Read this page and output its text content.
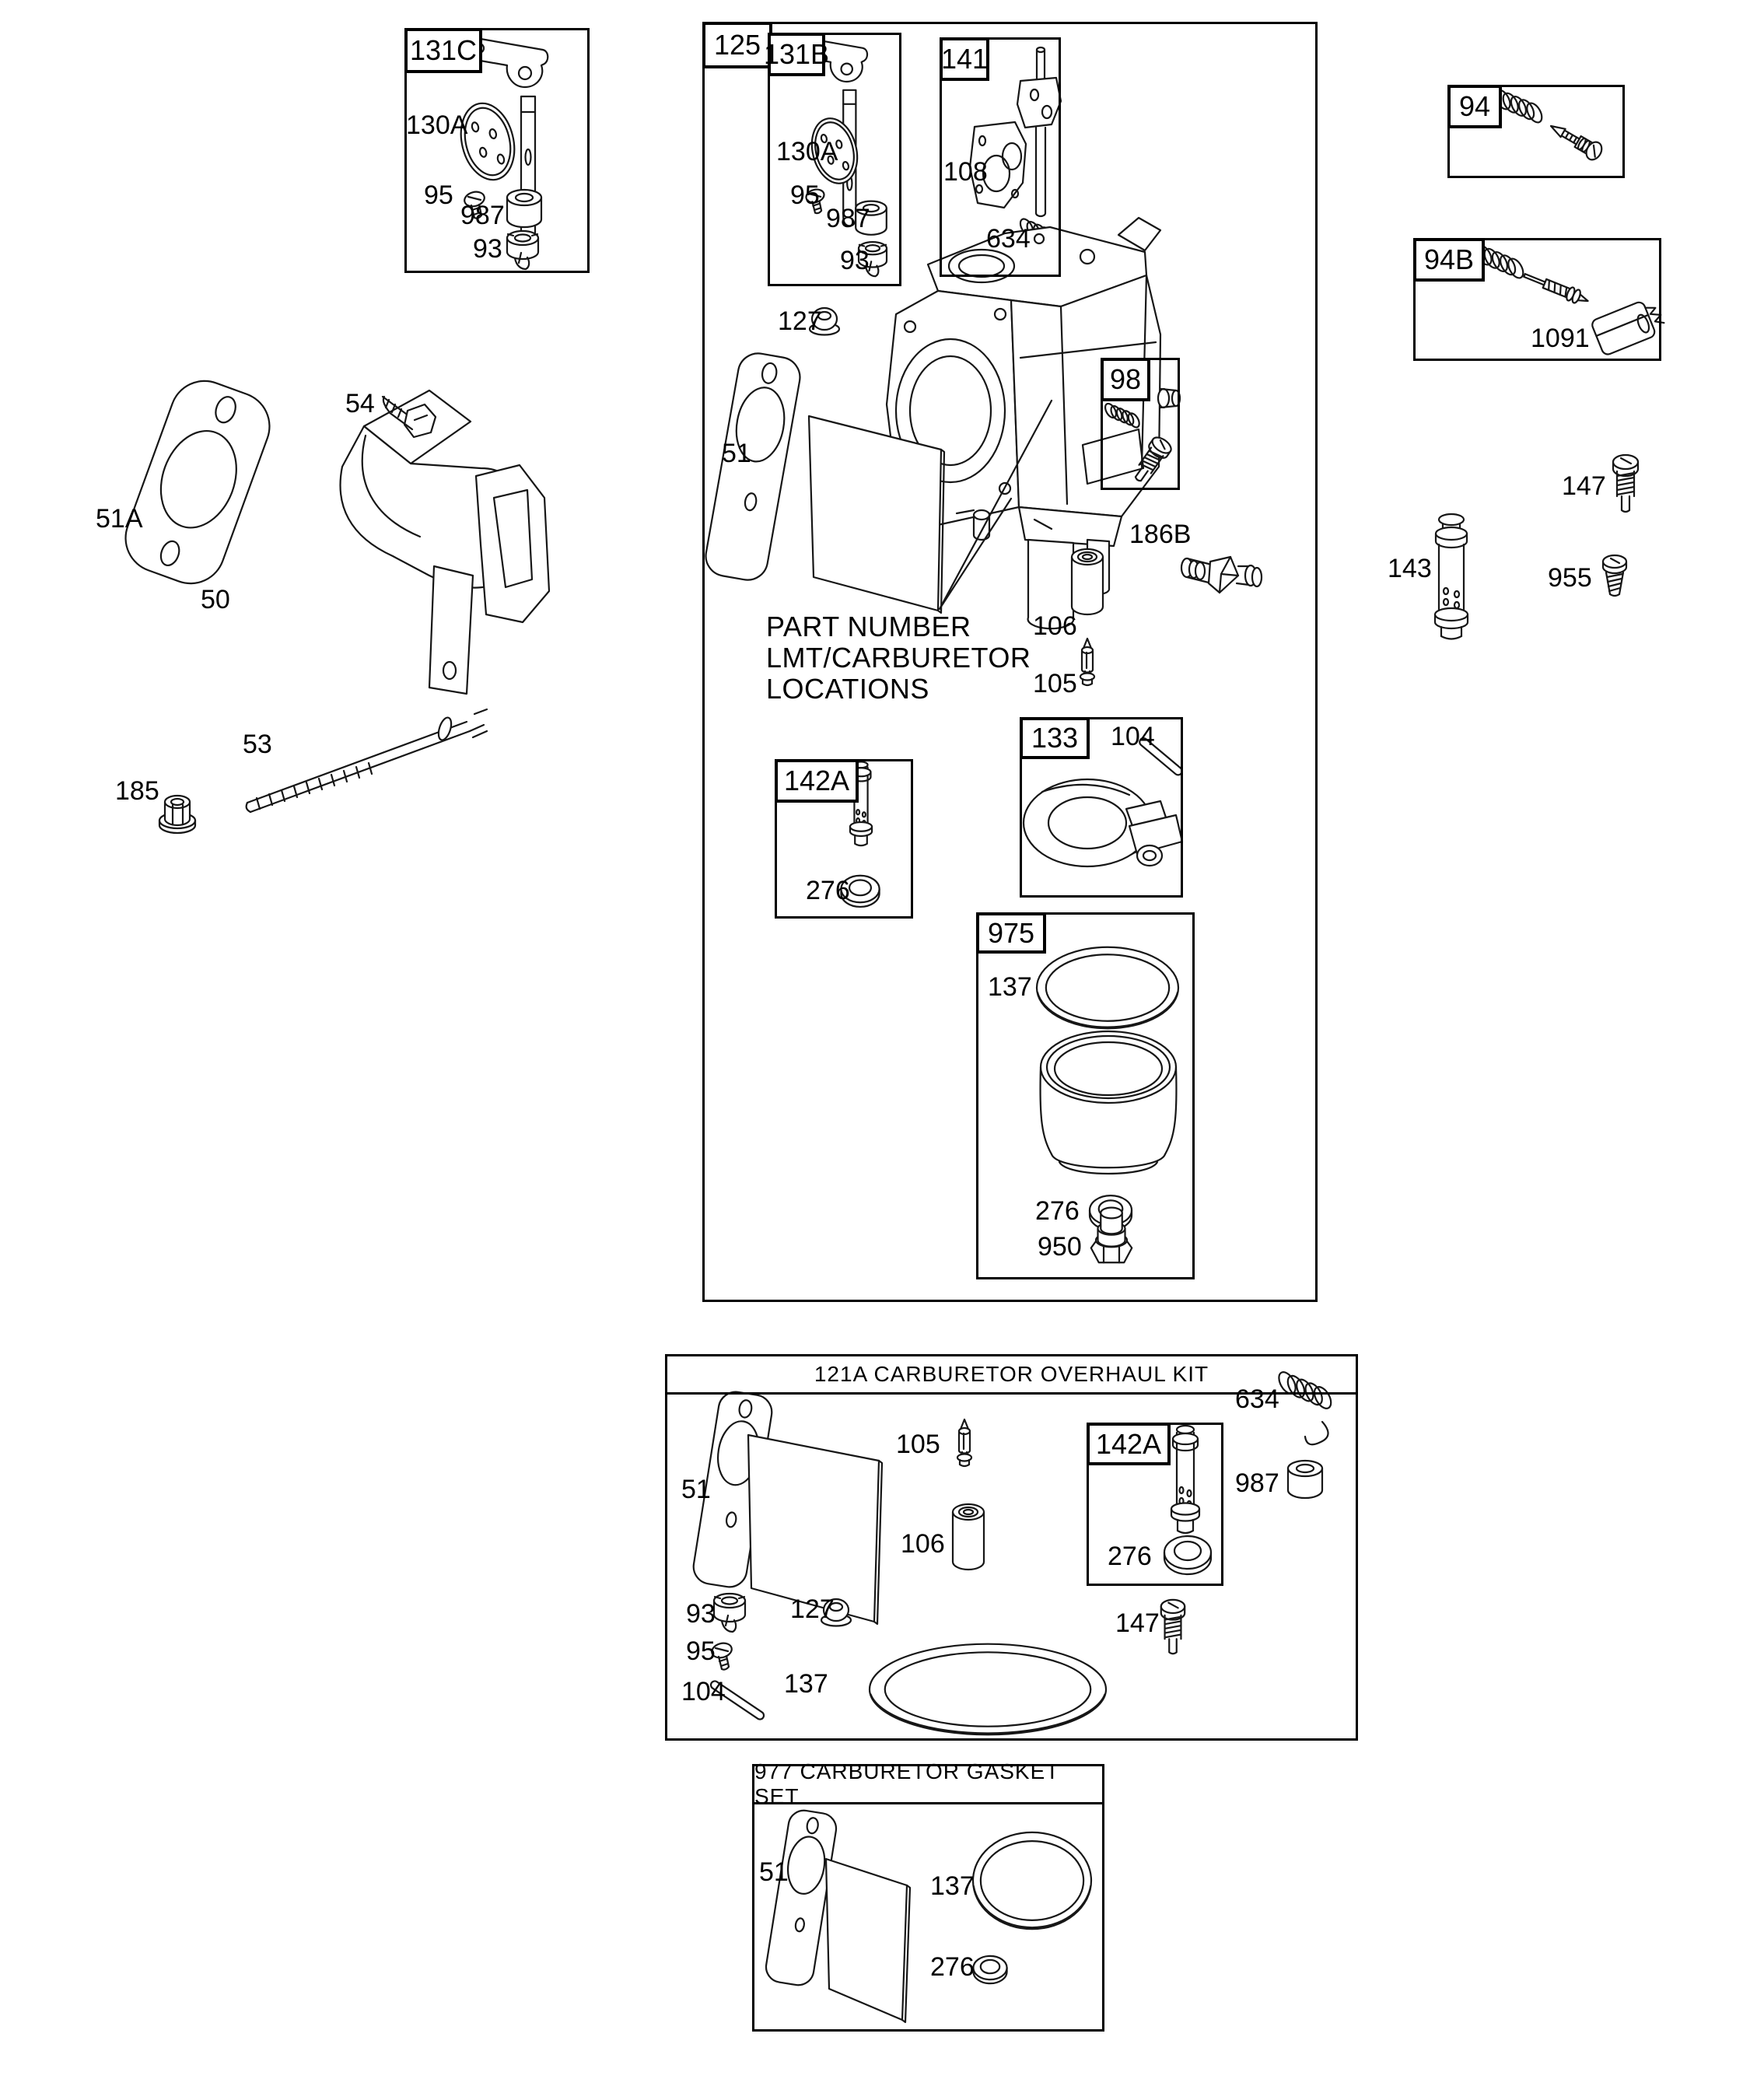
131C	125 131B	141
94
94B
98
142A
133
975
121A CARBURETOR OVERHAUL KIT
142A
977 CARBURETOR GASKET SET
51A
50
54
53
185
130A
95
987
93
130A
95
987
93
108
634
127
51
106
105
186B
PART NUMBER
LMT/CARBURETOR
LOCATIONS
276
104
137
276
950
1091
147
143	955
51
105
106
93
95
104
127
137
147
276
634
987
51	137
276
